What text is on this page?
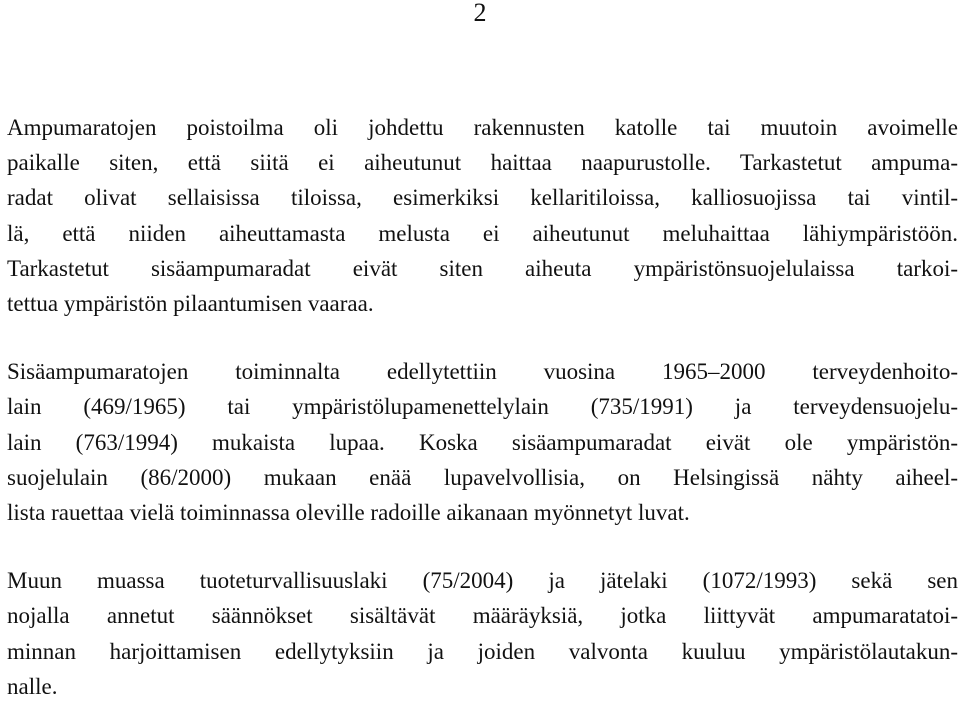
2

Ampumaratojen poistoilma oli johdettu rakennusten katolle tai muutoin avoimelle
paikalle siten, että siitä ei aiheutunut haittaa naapurustolle. Tarkastetut ampuma-
radat olivat sellaisissa tiloissa, esimerkiksi kellaritiloissa, kalliosuojissa tai vintil-
lä, että niiden aiheuttamasta melusta ei aiheutunut meluhaittaa lähiympäristöön.
Tarkastetut sisäampumaradat eivät siten aiheuta ympäristönsuojelulaissa tarkoi-
tettua ympäristön pilaantumisen vaaraa.

Sisäampumaratojen toiminnalta edellytettiin vuosina 1965–2000 terveydenhoito-
lain (469/1965) tai ympäristölupamenettelylain (735/1991) ja terveydensuojelu-
lain (763/1994) mukaista lupaa. Koska sisäampumaradat eivät ole ympäristön-
suojelulain (86/2000) mukaan enää lupavelvollisia, on Helsingissä nähty aiheel-
lista rauettaa vielä toiminnassa oleville radoille aikanaan myönnetyt luvat.

Muun muassa tuoteturvallisuuslaki (75/2004) ja jätelaki (1072/1993) sekä sen
nojalla annetut säännökset sisältävät määräyksiä, jotka liittyvät ampumaratatoi-
minnan harjoittamisen edellytyksiin ja joiden valvonta kuuluu ympäristölautakun-
nalle.
